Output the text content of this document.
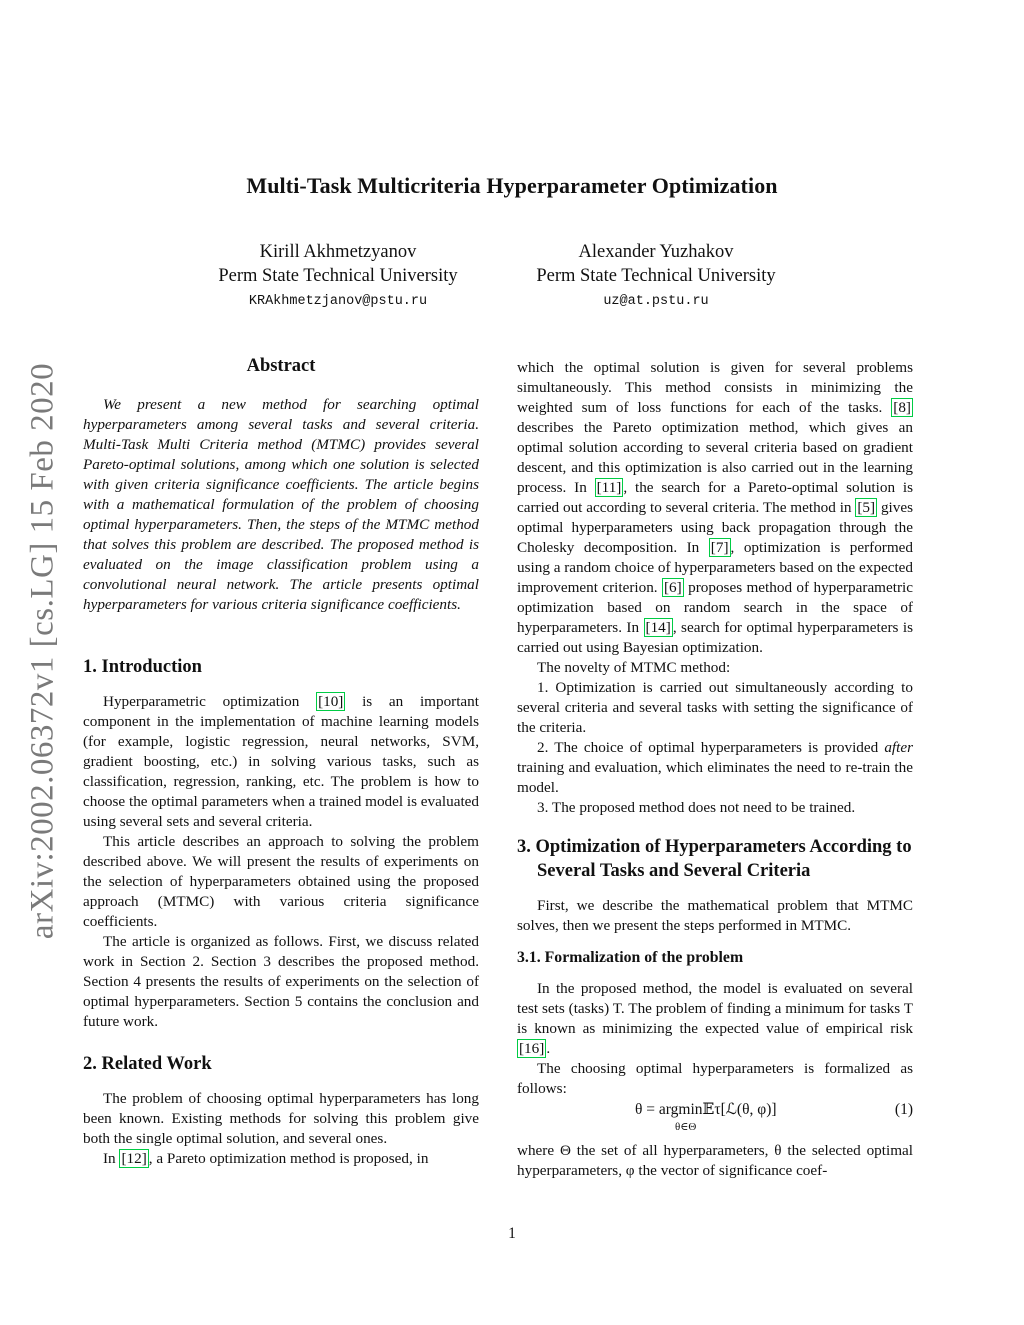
Multi-Task Multicriteria Hyperparameter Optimization
Kirill Akhmetzyanov
Perm State Technical University
KRAkhmetzjanov@pstu.ru
Alexander Yuzhakov
Perm State Technical University
uz@at.pstu.ru
arXiv:2002.06372v1 [cs.LG] 15 Feb 2020	Abstract

We present a new method for searching optimal hyperparameters among several tasks and several criteria. Multi-Task Multi Criteria method (MTMC) provides several Pareto-optimal solutions, among which one solution is selected with given criteria significance coefficients. The article begins with a mathematical formulation of the problem of choosing optimal hyperparameters. Then, the steps of the MTMC method that solves this problem are described. The proposed method is evaluated on the image classification problem using a convolutional neural network. The article presents optimal hyperparameters for various criteria significance coefficients.

1. Introduction

Hyperparametric optimization [10] is an important component in the implementation of machine learning models (for example, logistic regression, neural networks, SVM, gradient boosting, etc.) in solving various tasks, such as classification, regression, ranking, etc. The problem is how to choose the optimal parameters when a trained model is evaluated using several sets and several criteria.

This article describes an approach to solving the problem described above. We will present the results of experiments on the selection of hyperparameters obtained using the proposed approach (MTMC) with various criteria significance coefficients.

The article is organized as follows. First, we discuss related work in Section 2. Section 3 describes the proposed method. Section 4 presents the results of experiments on the selection of optimal hyperparameters. Section 5 contains the conclusion and future work.

2. Related Work

The problem of choosing optimal hyperparameters has long been known. Existing methods for solving this problem give both the single optimal solution, and several ones.

In [12] , a Pareto optimization method is proposed, in

which the optimal solution is given for several problems simultaneously. This method consists in minimizing the weighted sum of loss functions for each of the tasks. [8] describes the Pareto optimization method, which gives an optimal solution according to several criteria based on gradient descent, and this optimization is also carried out in the learning process. In [11] , the search for a Pareto-optimal solution is carried out according to several criteria. The method in [5] gives optimal hyperparameters using back propagation through the Cholesky decomposition. In [7] , optimization is performed using a random choice of hyperparameters based on the expected improvement criterion. [6] proposes method of hyperparametric optimization based on random search in the space of hyperparameters. In [14] , search for optimal hyperparameters is carried out using Bayesian optimization.

The novelty of MTMC method:

1. Optimization is carried out simultaneously according to several criteria and several tasks with setting the significance of the criteria.

2. The choice of optimal hyperparameters is provided after training and evaluation, which eliminates the need to re-train the model.

3. The proposed method does not need to be trained.

3. Optimization of Hyperparameters According to Several Tasks and Several Criteria

First, we describe the mathematical problem that MTMC solves, then we present the steps performed in MTMC.

3.1. Formalization of the problem

In the proposed method, the model is evaluated on several test sets (tasks) T. The problem of finding a minimum for tasks T is known as minimizing the expected value of empirical risk [16] .

The choosing optimal hyperparameters is formalized as follows:

θ = argmin𝔼τ[ℒ(θ, φ)]
θ∈Θ
(1)

where Θ the set of all hyperparameters, θ the selected optimal hyperparameters, φ the vector of significance coef-

1
